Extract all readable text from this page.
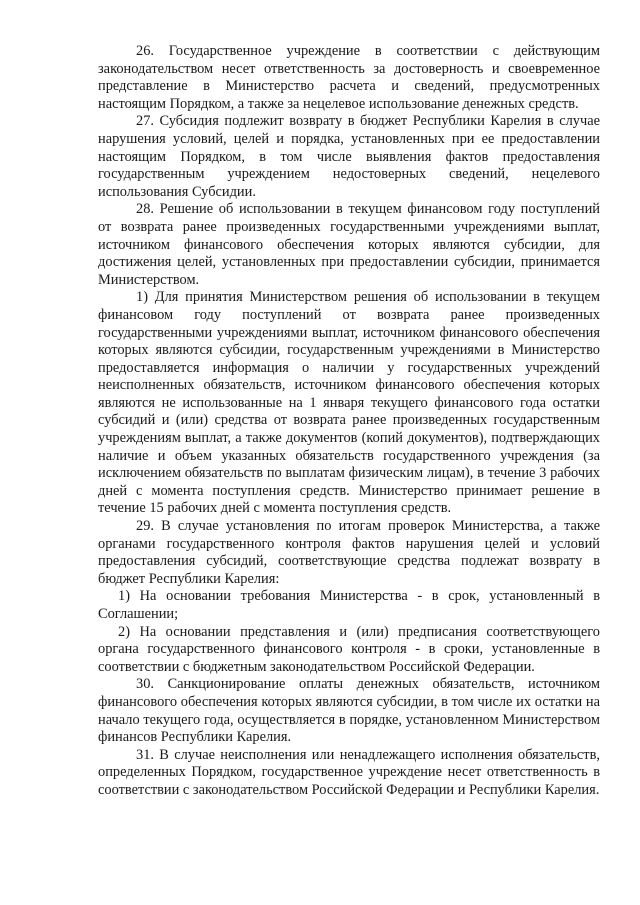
26. Государственное учреждение в соответствии с действующим законодательством несет ответственность за достоверность и своевременное представление в Министерство расчета и сведений, предусмотренных настоящим Порядком, а также за нецелевое использование денежных средств.

27. Субсидия подлежит возврату в бюджет Республики Карелия в случае нарушения условий, целей и порядка, установленных при ее предоставлении настоящим Порядком, в том числе выявления фактов предоставления государственным учреждением недостоверных сведений, нецелевого использования Субсидии.

28. Решение об использовании в текущем финансовом году поступлений от возврата ранее произведенных государственными учреждениями выплат, источником финансового обеспечения которых являются субсидии, для достижения целей, установленных при предоставлении субсидии, принимается Министерством.

1) Для принятия Министерством решения об использовании в текущем финансовом году поступлений от возврата ранее произведенных государственными учреждениями выплат, источником финансового обеспечения которых являются субсидии, государственным учреждениями в Министерство предоставляется информация о наличии у государственных учреждений неисполненных обязательств, источником финансового обеспечения которых являются не использованные на 1 января текущего финансового года остатки субсидий и (или) средства от возврата ранее произведенных государственным учреждениям выплат, а также документов (копий документов), подтверждающих наличие и объем указанных обязательств государственного учреждения (за исключением обязательств по выплатам физическим лицам), в течение 3 рабочих дней с момента поступления средств. Министерство принимает решение в течение 15 рабочих дней с момента поступления средств.

29. В случае установления по итогам проверок Министерства, а также органами государственного контроля фактов нарушения целей и условий предоставления субсидий, соответствующие средства подлежат возврату в бюджет Республики Карелия:

1) На основании требования Министерства - в срок, установленный в Соглашении;

2) На основании представления и (или) предписания соответствующего органа государственного финансового контроля - в сроки, установленные в соответствии с бюджетным законодательством Российской Федерации.

30. Санкционирование оплаты денежных обязательств, источником финансового обеспечения которых являются субсидии, в том числе их остатки на начало текущего года, осуществляется в порядке, установленном Министерством финансов Республики Карелия.

31. В случае неисполнения или ненадлежащего исполнения обязательств, определенных Порядком, государственное учреждение несет ответственность в соответствии с законодательством Российской Федерации и Республики Карелия.
